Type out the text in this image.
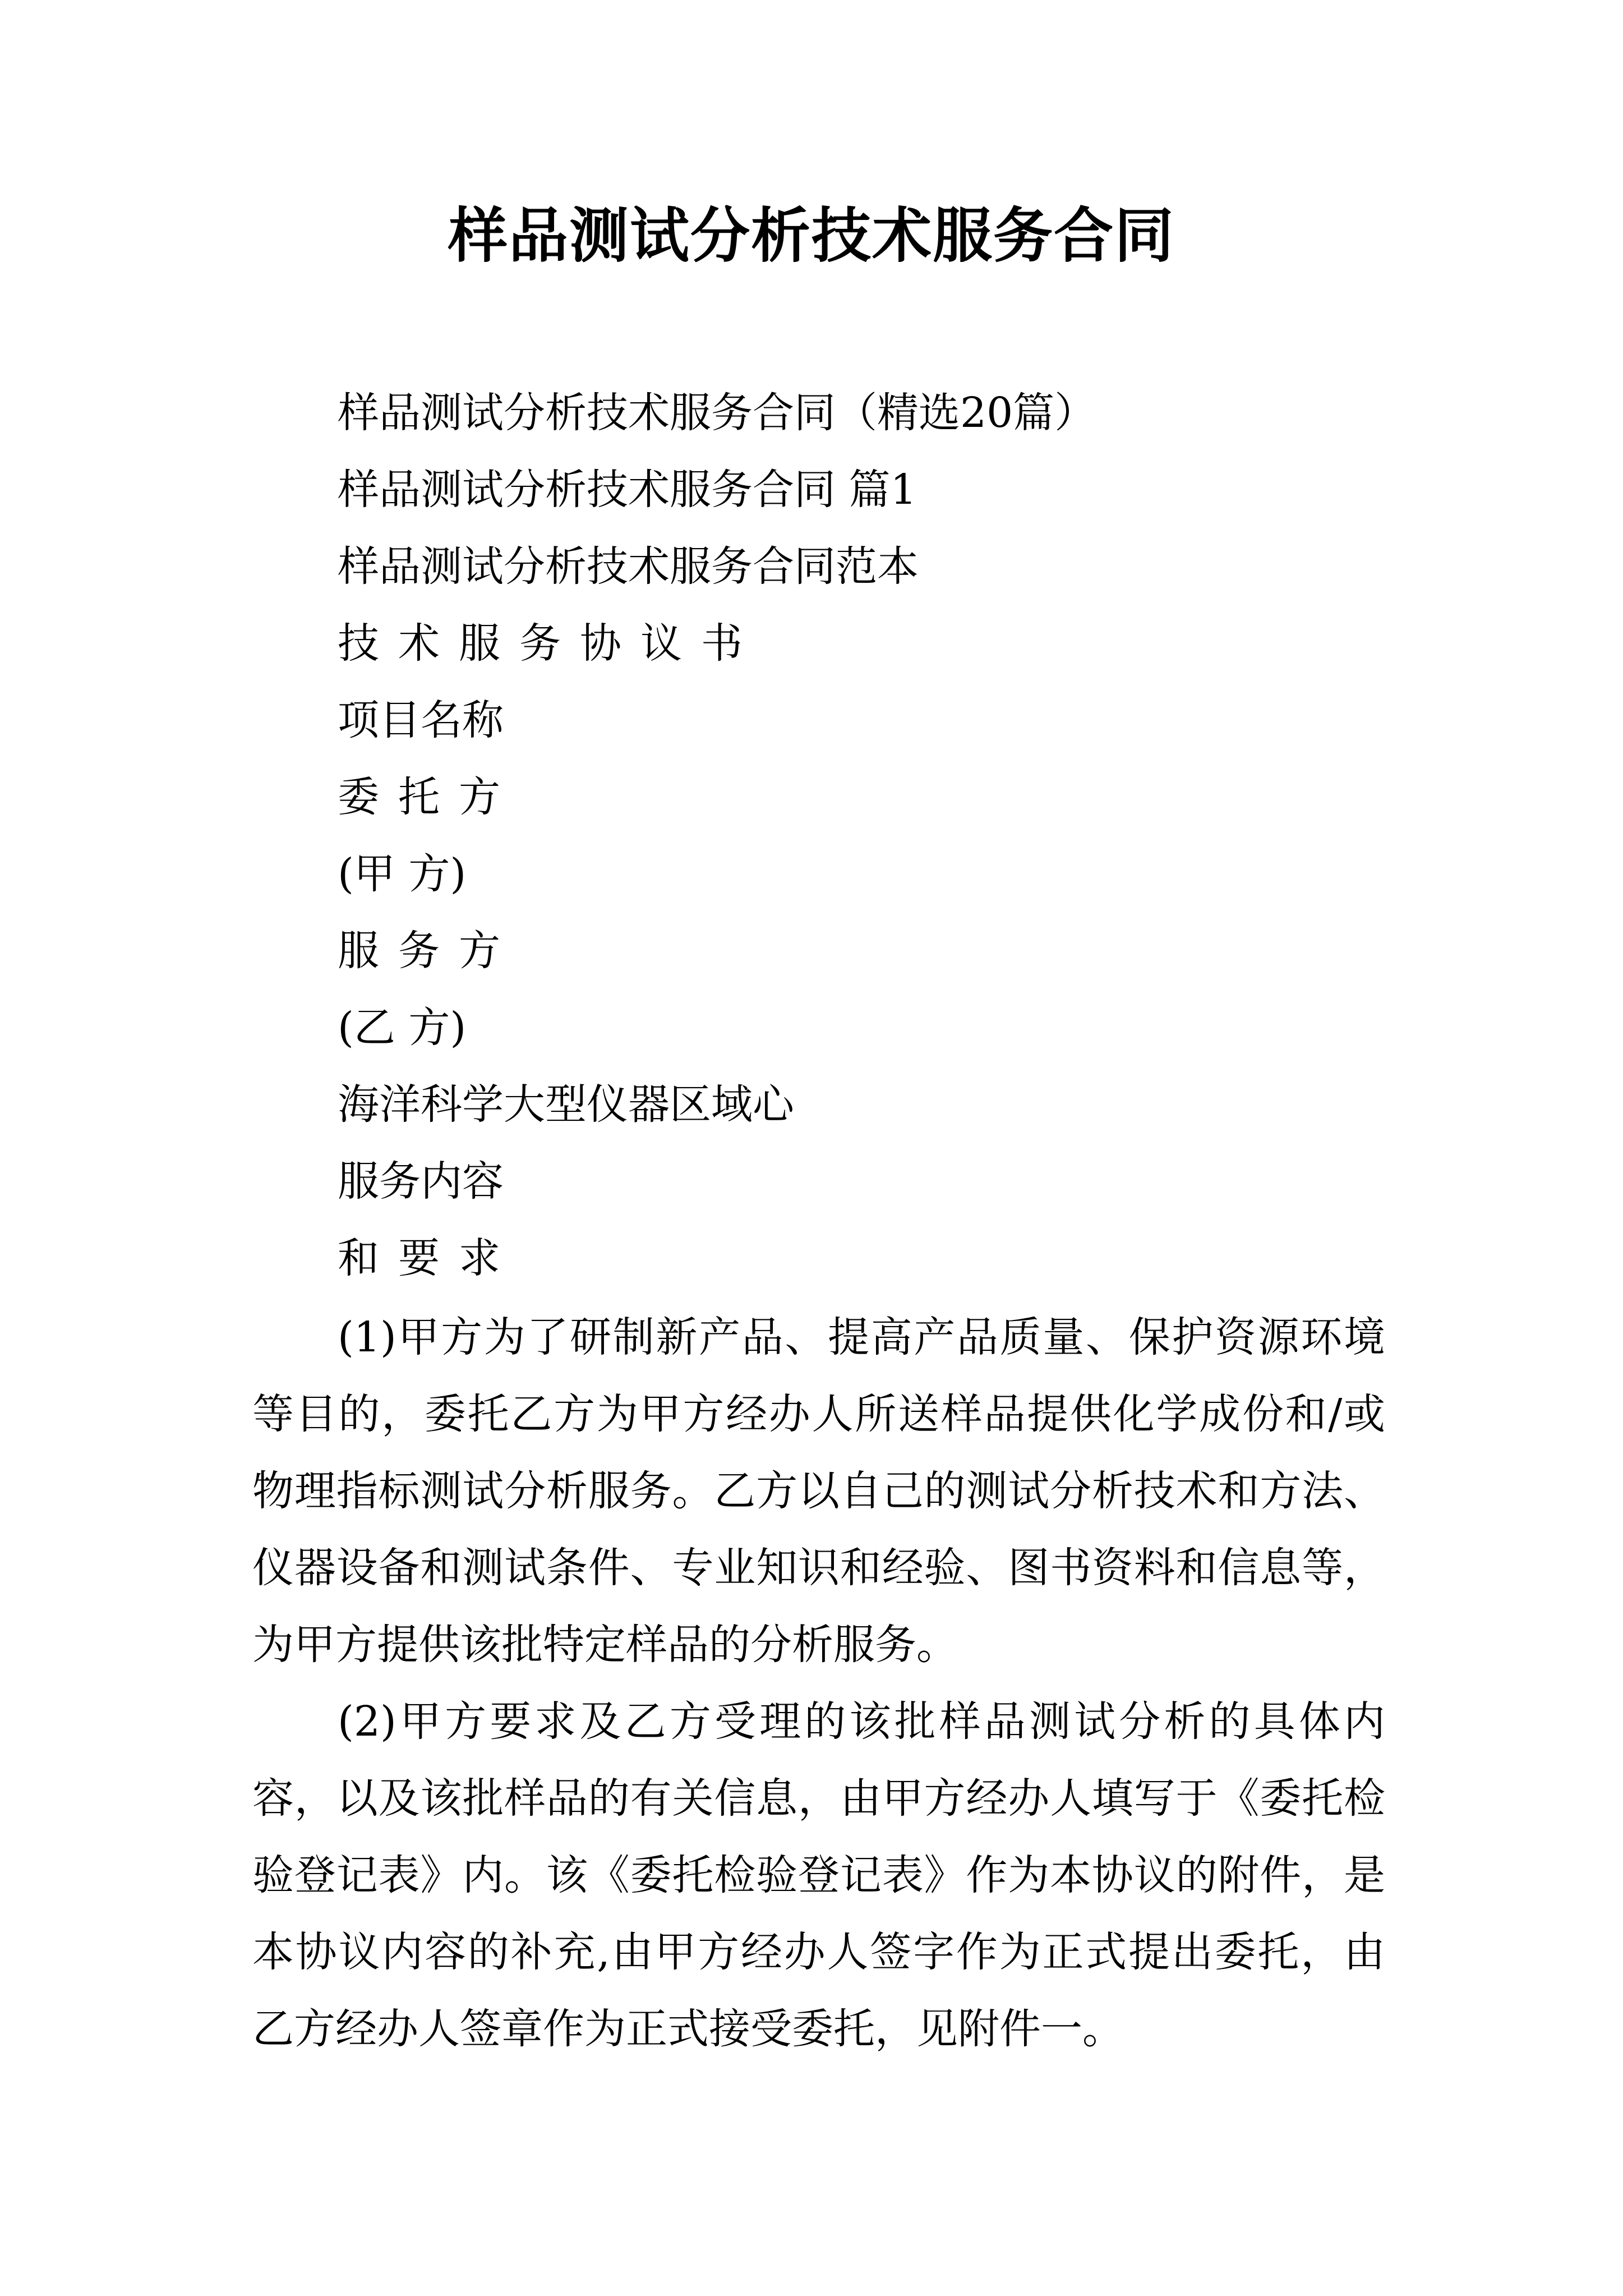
样品测试分析技术服务合同
样品测试分析技术服务合同（精选20篇）
样品测试分析技术服务合同 篇1
样品测试分析技术服务合同范本
技术服务协议书
项目名称
委托方
(甲 方)
服务方
(乙 方)
海洋科学大型仪器区域心
服务内容
和要求

(1)甲方为了研制新产品、提高产品质量、保护资源环境等目的，委托乙方为甲方经办人所送样品提供化学成份和/或物理指标测试分析服务。乙方以自己的测试分析技术和方法、仪器设备和测试条件、专业知识和经验、图书资料和信息等，为甲方提供该批特定样品的分析服务。

(2)甲方要求及乙方受理的该批样品测试分析的具体内容，以及该批样品的有关信息，由甲方经办人填写于《委托检验登记表》内。该《委托检验登记表》作为本协议的附件，是本协议内容的补充,由甲方经办人签字作为正式提出委托，由乙方经办人签章作为正式接受委托，见附件一。
